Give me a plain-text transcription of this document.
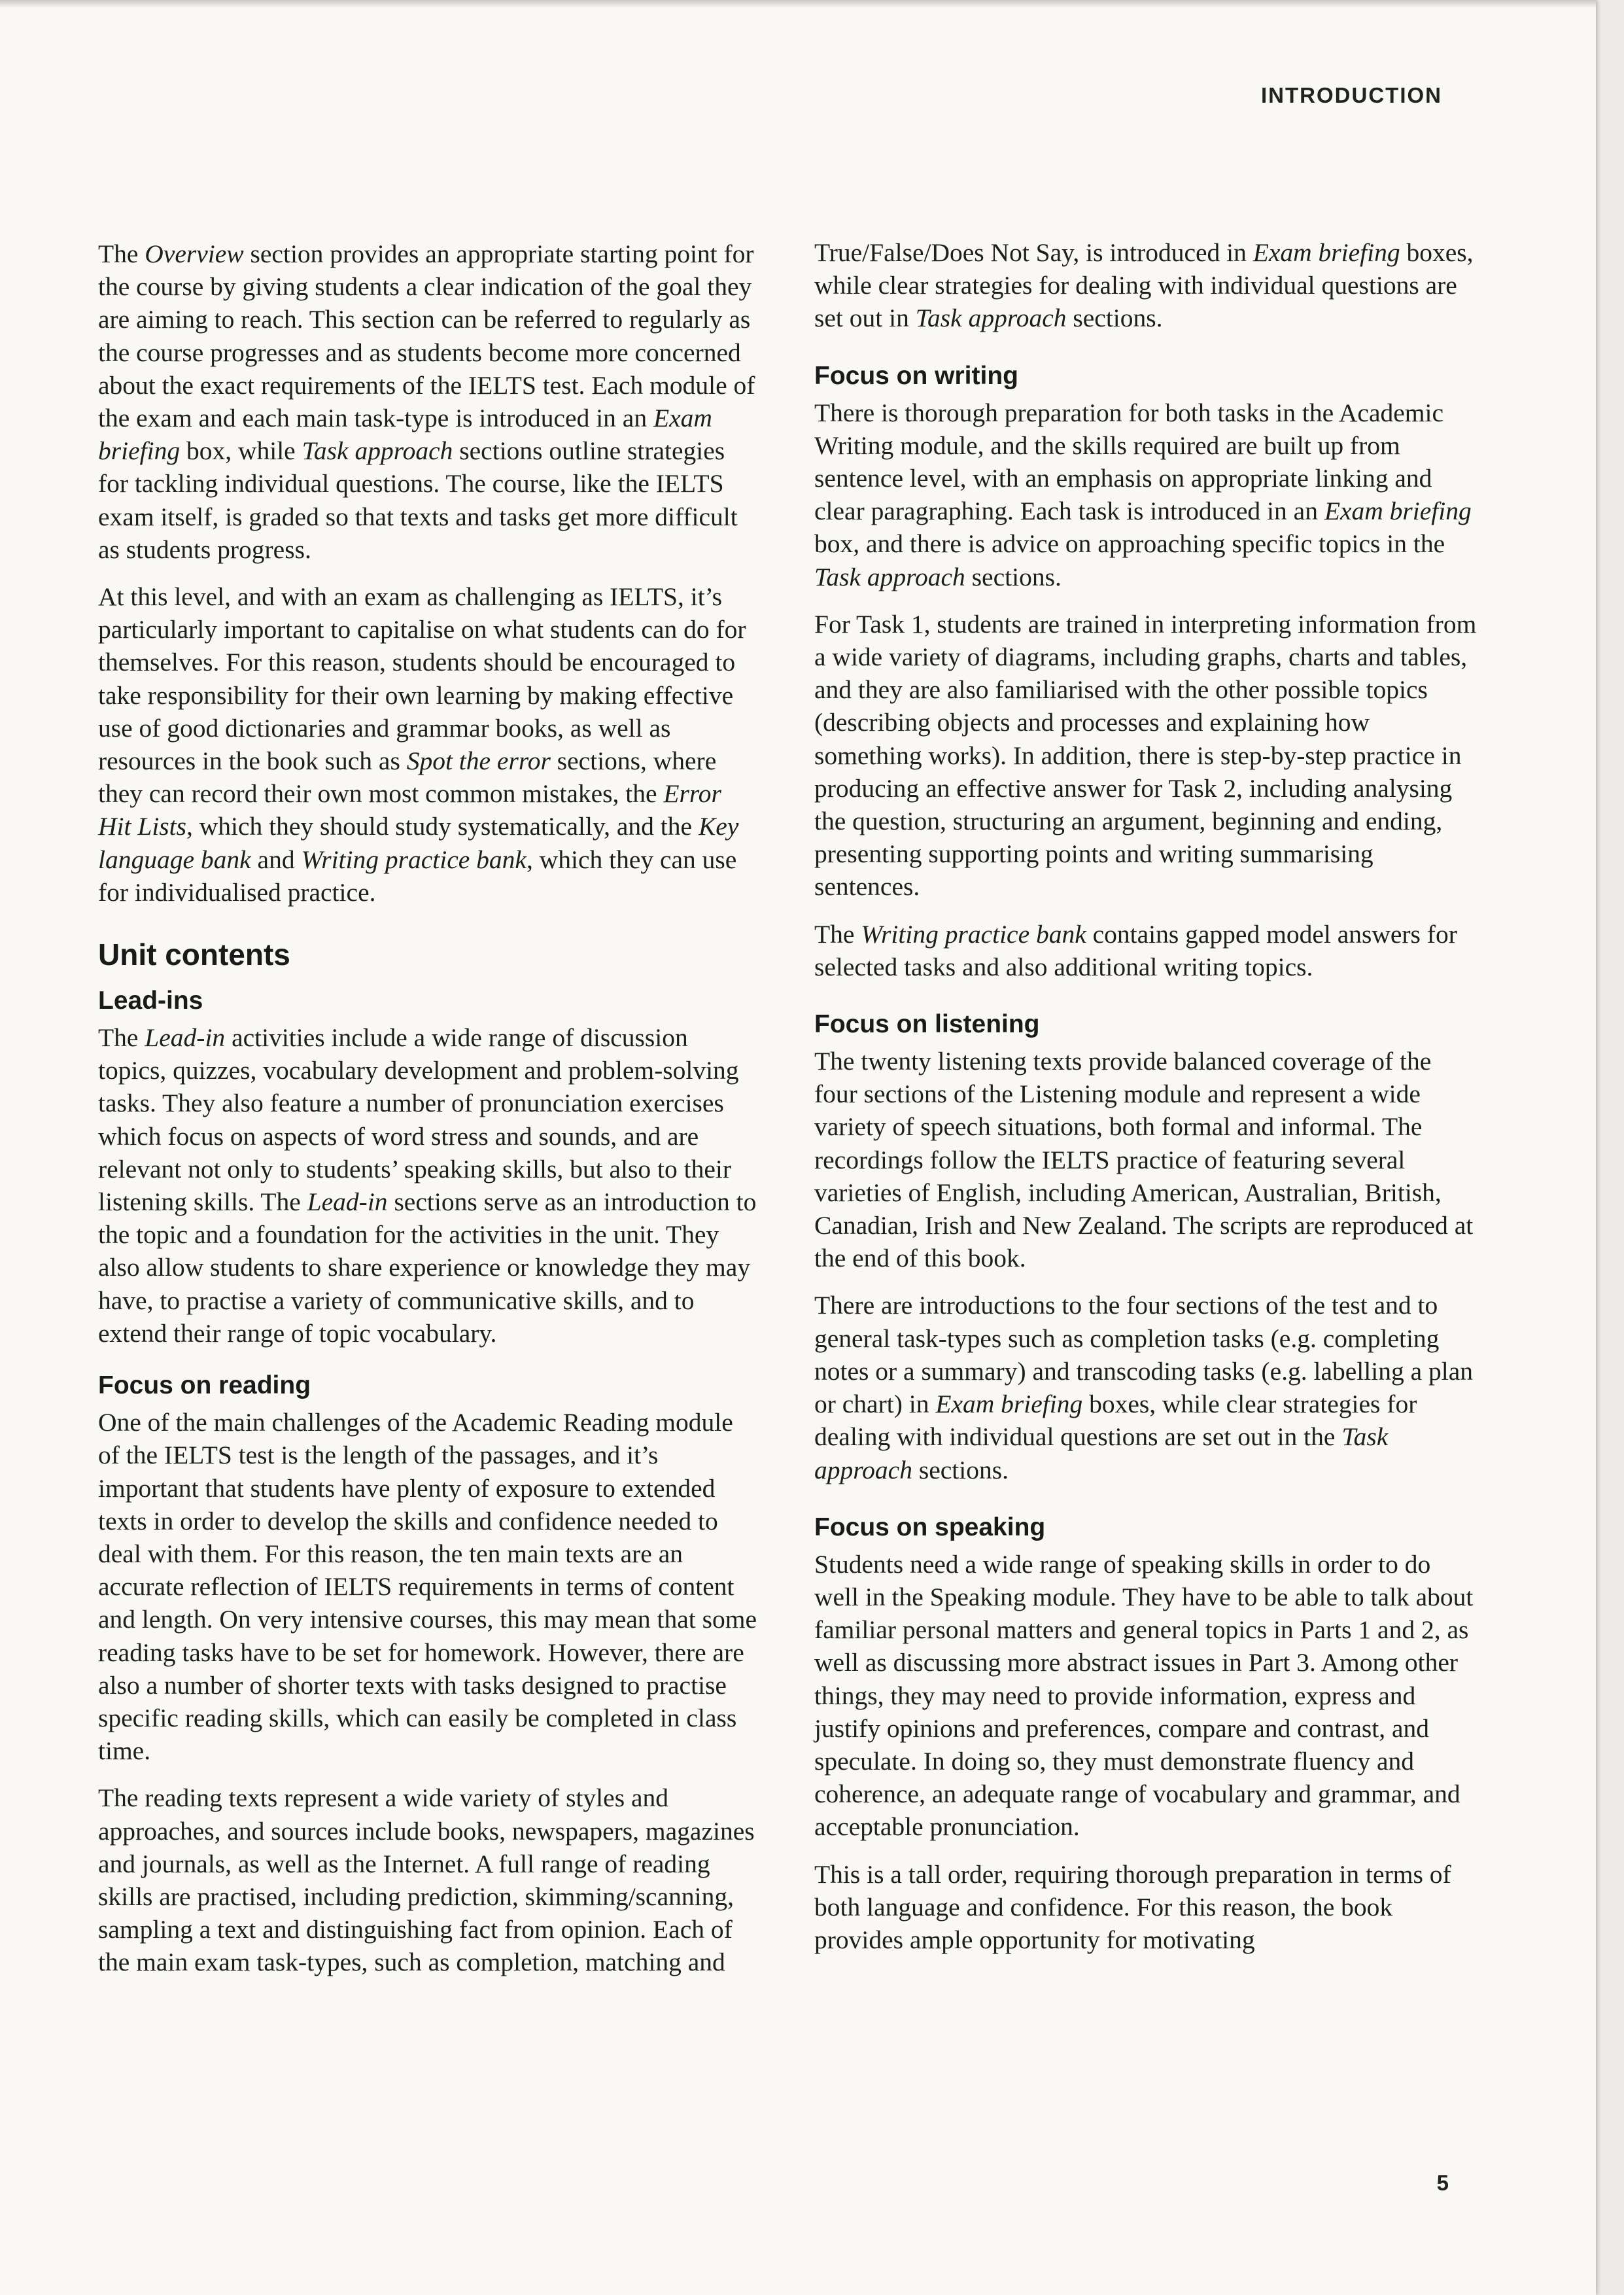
INTRODUCTION

The Overview section provides an appropriate starting point for the course by giving students a clear indication of the goal they are aiming to reach. This section can be referred to regularly as the course progresses and as students become more concerned about the exact requirements of the IELTS test. Each module of the exam and each main task-type is introduced in an Exam briefing box, while Task approach sections outline strategies for tackling individual questions. The course, like the IELTS exam itself, is graded so that texts and tasks get more difficult as students progress.

At this level, and with an exam as challenging as IELTS, it’s particularly important to capitalise on what students can do for themselves. For this reason, students should be encouraged to take responsibility for their own learning by making effective use of good dictionaries and grammar books, as well as resources in the book such as Spot the error sections, where they can record their own most common mistakes, the Error Hit Lists, which they should study systematically, and the Key language bank and Writing practice bank, which they can use for individualised practice.

Unit contents
Lead-ins

The Lead-in activities include a wide range of discussion topics, quizzes, vocabulary development and problem-solving tasks. They also feature a number of pronunciation exercises which focus on aspects of word stress and sounds, and are relevant not only to students’ speaking skills, but also to their listening skills. The Lead-in sections serve as an introduction to the topic and a foundation for the activities in the unit. They also allow students to share experience or knowledge they may have, to practise a variety of communicative skills, and to extend their range of topic vocabulary.

Focus on reading

One of the main challenges of the Academic Reading module of the IELTS test is the length of the passages, and it’s important that students have plenty of exposure to extended texts in order to develop the skills and confidence needed to deal with them. For this reason, the ten main texts are an accurate reflection of IELTS requirements in terms of content and length. On very intensive courses, this may mean that some reading tasks have to be set for homework. However, there are also a number of shorter texts with tasks designed to practise specific reading skills, which can easily be completed in class time.

The reading texts represent a wide variety of styles and approaches, and sources include books, newspapers, magazines and journals, as well as the Internet. A full range of reading skills are practised, including prediction, skimming/scanning, sampling a text and distinguishing fact from opinion. Each of the main exam task-types, such as completion, matching and

True/False/Does Not Say, is introduced in Exam briefing boxes, while clear strategies for dealing with individual questions are set out in Task approach sections.

Focus on writing

There is thorough preparation for both tasks in the Academic Writing module, and the skills required are built up from sentence level, with an emphasis on appropriate linking and clear paragraphing. Each task is introduced in an Exam briefing box, and there is advice on approaching specific topics in the Task approach sections.

For Task 1, students are trained in interpreting information from a wide variety of diagrams, including graphs, charts and tables, and they are also familiarised with the other possible topics (describing objects and processes and explaining how something works). In addition, there is step-by-step practice in producing an effective answer for Task 2, including analysing the question, structuring an argument, beginning and ending, presenting supporting points and writing summarising sentences.

The Writing practice bank contains gapped model answers for selected tasks and also additional writing topics.

Focus on listening

The twenty listening texts provide balanced coverage of the four sections of the Listening module and represent a wide variety of speech situations, both formal and informal. The recordings follow the IELTS practice of featuring several varieties of English, including American, Australian, British, Canadian, Irish and New Zealand. The scripts are reproduced at the end of this book.

There are introductions to the four sections of the test and to general task-types such as completion tasks (e.g. completing notes or a summary) and transcoding tasks (e.g. labelling a plan or chart) in Exam briefing boxes, while clear strategies for dealing with individual questions are set out in the Task approach sections.

Focus on speaking

Students need a wide range of speaking skills in order to do well in the Speaking module. They have to be able to talk about familiar personal matters and general topics in Parts 1 and 2, as well as discussing more abstract issues in Part 3. Among other things, they may need to provide information, express and justify opinions and preferences, compare and contrast, and speculate. In doing so, they must demonstrate fluency and coherence, an adequate range of vocabulary and grammar, and acceptable pronunciation.

This is a tall order, requiring thorough preparation in terms of both language and confidence. For this reason, the book provides ample opportunity for motivating

5
